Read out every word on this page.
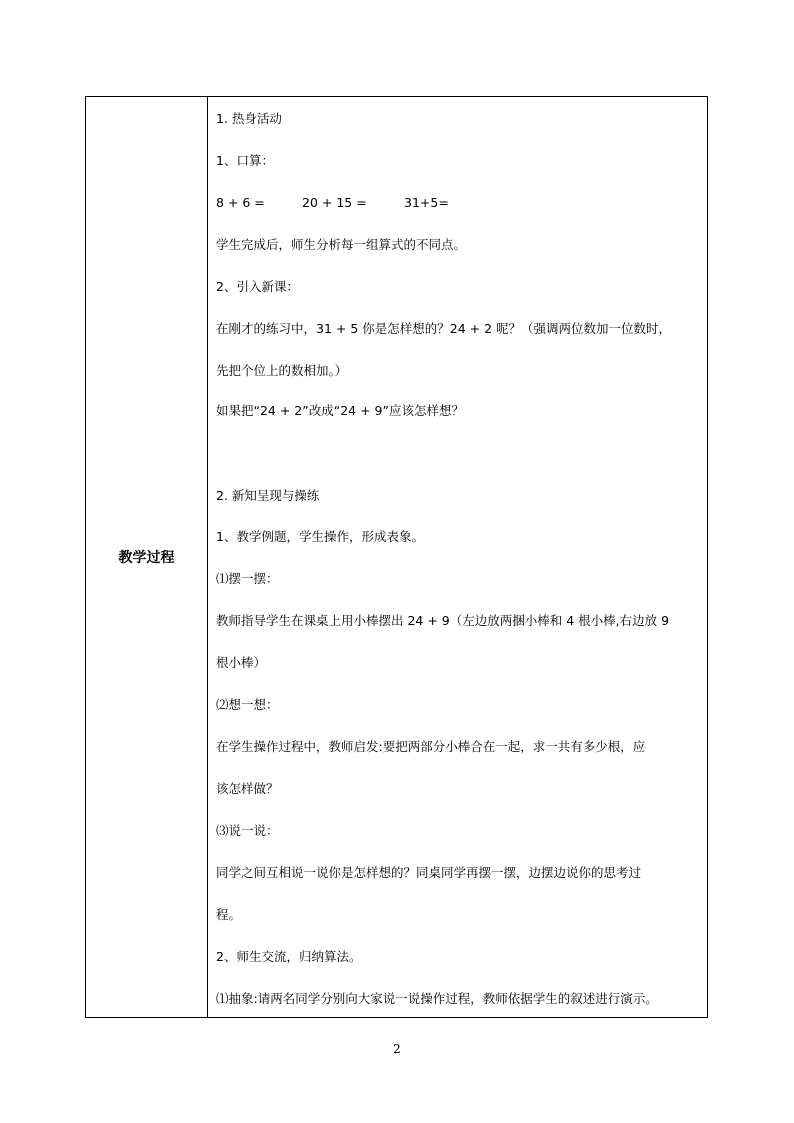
教学过程
1. 热身活动
1、口算：
8 + 6 =	20 + 15 =	31+5=
学生完成后，师生分析每一组算式的不同点。
2、引入新课：
在刚才的练习中，31 + 5 你是怎样想的？24 + 2 呢？（强调两位数加一位数时，
先把个位上的数相加。）
如果把“24 + 2”改成“24 + 9”应该怎样想？
2. 新知呈现与操练
1、教学例题，学生操作，形成表象。
⑴摆一摆：
教师指导学生在课桌上用小棒摆出 24 + 9（左边放两捆小棒和 4 根小棒,右边放 9
根小棒）
⑵想一想：
在学生操作过程中，教师启发:要把两部分小棒合在一起，求一共有多少根，应
该怎样做？
⑶说一说：
同学之间互相说一说你是怎样想的？同桌同学再摆一摆，边摆边说你的思考过
程。
2、师生交流，归纳算法。
⑴抽象:请两名同学分别向大家说一说操作过程，教师依据学生的叙述进行演示。
2
